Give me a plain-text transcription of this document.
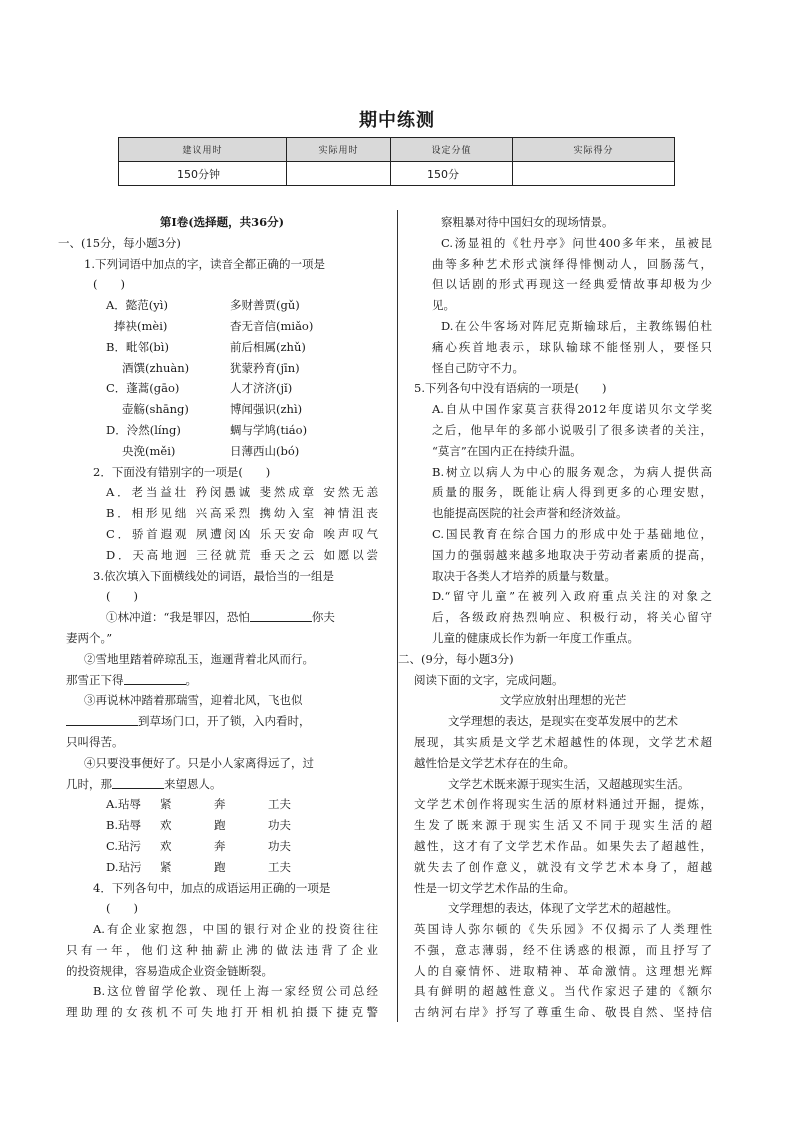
期中练测
建议用时	实际用时	设定分值	实际得分
150分钟		150分	
第Ⅰ卷(选择题，共36分)
一、(15分，每小题3分)
1.下列词语中加点的字，读音全都正确的一项是
(　　)
A．懿范(yì)	多财善贾(gǔ)
捧袂(mèi)	杳无音信(miǎo)
B．毗邻(bì)	前后相属(zhǔ)
酒馔(zhuàn)	犹蒙矜育(jīn)
C．蓬蒿(gāo)	人才济济(jǐ)
壶觞(shāng)	博闻强识(zhì)
D．泠然(líng)	蜩与学鸠(tiáo)
央浼(měi)	日薄西山(bó)
2．下面没有错别字的一项是(　　)
A．老当益壮 矜闵愚诚 斐然成章 安然无恙
B．相形见绌 兴高采烈 携幼入室 神情沮丧
C．骄首遐观 夙遭闵凶 乐天安命 唉声叹气
D．天高地迥 三径就荒 垂天之云 如愿以尝
3.依次填入下面横线处的词语，最恰当的一组是
(　　)
①林冲道：“我是罪囚，恐怕	你夫
妻两个。”
②雪地里踏着碎琼乱玉，迤逦背着北风而行。
那雪正下得	。
③再说林冲踏着那瑞雪，迎着北风，飞也似
到草场门口，开了锁，入内看时，
只叫得苦。
④只要没事便好了。只是小人家离得远了，过
几时，那	来望恩人。
A.玷辱 紧	奔	工夫
B.玷辱 欢	跑	功夫
C.玷污 欢	奔	功夫
D.玷污 紧	跑	工夫
4．下列各句中，加点的成语运用正确的一项是
(　　)
A.有企业家抱怨，中国的银行对企业的投资往往
只有一年，他们这种抽薪止沸的做法违背了企业
的投资规律，容易造成企业资金链断裂。
B.这位曾留学伦敦、现任上海一家经贸公司总经
理助理的女孩机不可失地打开相机拍摄下捷克警
察粗暴对待中国妇女的现场情景。
C.汤显祖的《牡丹亭》问世400多年来，虽被昆
曲等多种艺术形式演绎得悱恻动人，回肠荡气，
但以话剧的形式再现这一经典爱情故事却极为少
见。
D.在公牛客场对阵尼克斯输球后，主教练锡伯杜
痛心疾首地表示，球队输球不能怪别人，要怪只
怪自己防守不力。
5.下列各句中没有语病的一项是(　　)
A.自从中国作家莫言获得2012年度诺贝尔文学奖
之后，他早年的多部小说吸引了很多读者的关注，
“莫言”在国内正在持续升温。
B.树立以病人为中心的服务观念，为病人提供高
质量的服务，既能让病人得到更多的心理安慰，
也能提高医院的社会声誉和经济效益。
C.国民教育在综合国力的形成中处于基础地位，
国力的强弱越来越多地取决于劳动者素质的提高，
取决于各类人才培养的质量与数量。
D.“留守儿童”在被列入政府重点关注的对象之
后，各级政府热烈响应、积极行动，将关心留守
儿童的健康成长作为新一年度工作重点。
二、(9分，每小题3分)
阅读下面的文字，完成问题。
文学应放射出理想的光芒
文学理想的表达，是现实在变革发展中的艺术
展现，其实质是文学艺术超越性的体现，文学艺术超
越性恰是文学艺术存在的生命。
文学艺术既来源于现实生活，又超越现实生活。
文学艺术创作将现实生活的原材料通过开掘，提炼，
生发了既来源于现实生活又不同于现实生活的超
越性，这才有了文学艺术作品。如果失去了超越性，
就失去了创作意义，就没有文学艺术本身了，超越
性是一切文学艺术作品的生命。
文学理想的表达，体现了文学艺术的超越性。
英国诗人弥尔顿的《失乐园》不仅揭示了人类理性
不强，意志薄弱，经不住诱惑的根源，而且抒写了
人的自豪情怀、进取精神、革命激情。这理想光辉
具有鲜明的超越性意义。当代作家迟子建的《额尔
古纳河右岸》抒写了尊重生命、敬畏自然、坚持信
